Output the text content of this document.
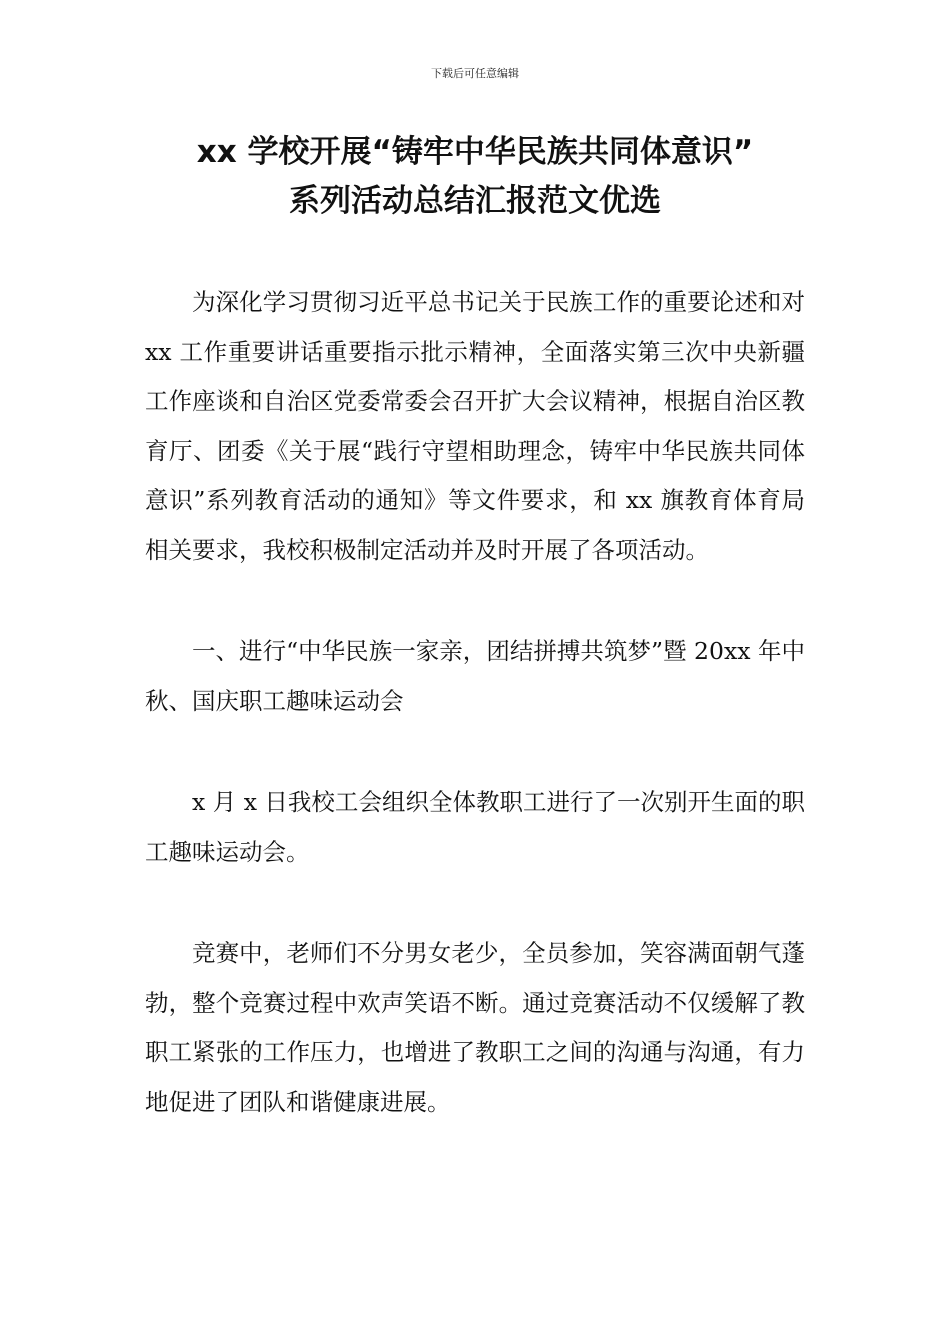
下载后可任意编辑
xx 学校开展“铸牢中华民族共同体意识”
系列活动总结汇报范文优选

为深化学习贯彻习近平总书记关于民族工作的重要论述和对 xx 工作重要讲话重要指示批示精神，全面落实第三次中央新疆工作座谈和自治区党委常委会召开扩大会议精神，根据自治区教育厅、团委《关于展“践行守望相助理念，铸牢中华民族共同体意识”系列教育活动的通知》等文件要求，和 xx 旗教育体育局相关要求，我校积极制定活动并及时开展了各项活动。

一、进行“中华民族一家亲，团结拼搏共筑梦”暨 20xx 年中秋、国庆职工趣味运动会

x 月 x 日我校工会组织全体教职工进行了一次别开生面的职工趣味运动会。

竞赛中，老师们不分男女老少，全员参加，笑容满面朝气蓬勃，整个竞赛过程中欢声笑语不断。通过竞赛活动不仅缓解了教职工紧张的工作压力，也增进了教职工之间的沟通与沟通，有力地促进了团队和谐健康进展。
